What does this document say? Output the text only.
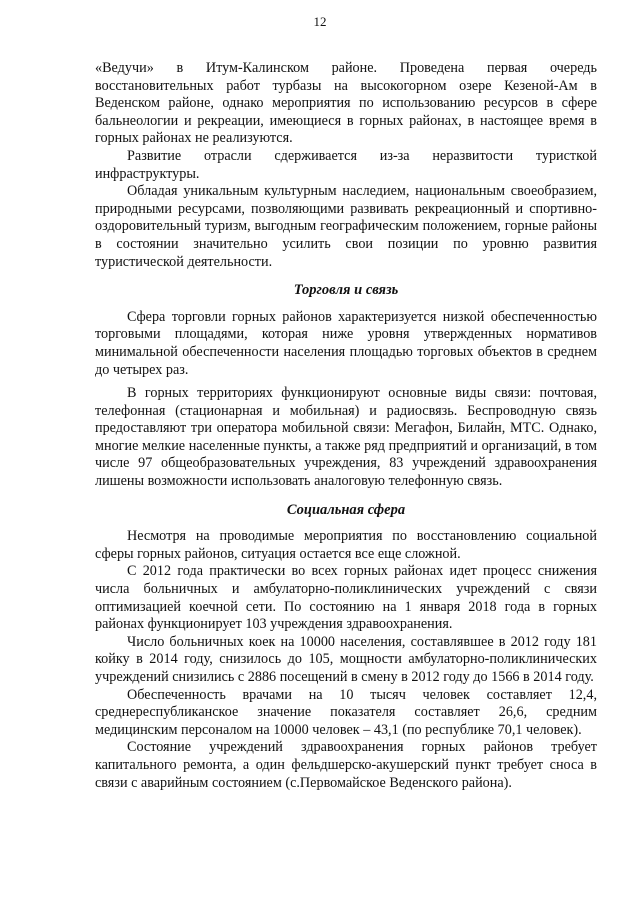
12

«Ведучи» в Итум-Калинском районе. Проведена первая очередь восстановительных работ турбазы на высокогорном озере Кезеной-Ам в Веденском районе, однако мероприятия по использованию ресурсов в сфере бальнеологии и рекреации, имеющиеся в горных районах, в настоящее время в горных районах не реализуются.

Развитие отрасли сдерживается из-за неразвитости туристкой инфраструктуры.

Обладая уникальным культурным наследием, национальным своеобразием, природными ресурсами, позволяющими развивать рекреационный и спортивно-оздоровительный туризм, выгодным географическим положением, горные районы в состоянии значительно усилить свои позиции по уровню развития туристической деятельности.

Торговля и связь

Сфера торговли горных районов характеризуется низкой обеспеченностью торговыми площадями, которая ниже уровня утвержденных нормативов минимальной обеспеченности населения площадью торговых объектов в среднем до четырех раз.

В горных территориях функционируют основные виды связи: почтовая, телефонная (стационарная и мобильная) и радиосвязь. Беспроводную связь предоставляют три оператора мобильной связи: Мегафон, Билайн, МТС. Однако, многие мелкие населенные пункты, а также ряд предприятий и организаций, в том числе 97 общеобразовательных учреждения, 83 учреждений здравоохранения лишены возможности использовать аналоговую телефонную связь.

Социальная сфера

Несмотря на проводимые мероприятия по восстановлению социальной сферы горных районов, ситуация остается все еще сложной.

С 2012 года практически во всех горных районах идет процесс снижения числа больничных и амбулаторно-поликлинических учреждений с связи оптимизацией коечной сети. По состоянию на 1 января 2018 года в горных районах функционирует 103 учреждения здравоохранения.

Число больничных коек на 10000 населения, составлявшее в 2012 году 181 койку в 2014 году, снизилось до 105, мощности амбулаторно-поликлинических учреждений снизились с 2886 посещений в смену в 2012 году до 1566 в 2014 году.

Обеспеченность врачами на 10 тысяч человек составляет 12,4, среднереспубликанское значение показателя составляет 26,6, средним медицинским персоналом на 10000 человек – 43,1 (по республике 70,1 человек).

Состояние учреждений здравоохранения горных районов требует капитального ремонта, а один фельдшерско-акушерский пункт требует сноса в связи с аварийным состоянием (с.Первомайское Веденского района).
